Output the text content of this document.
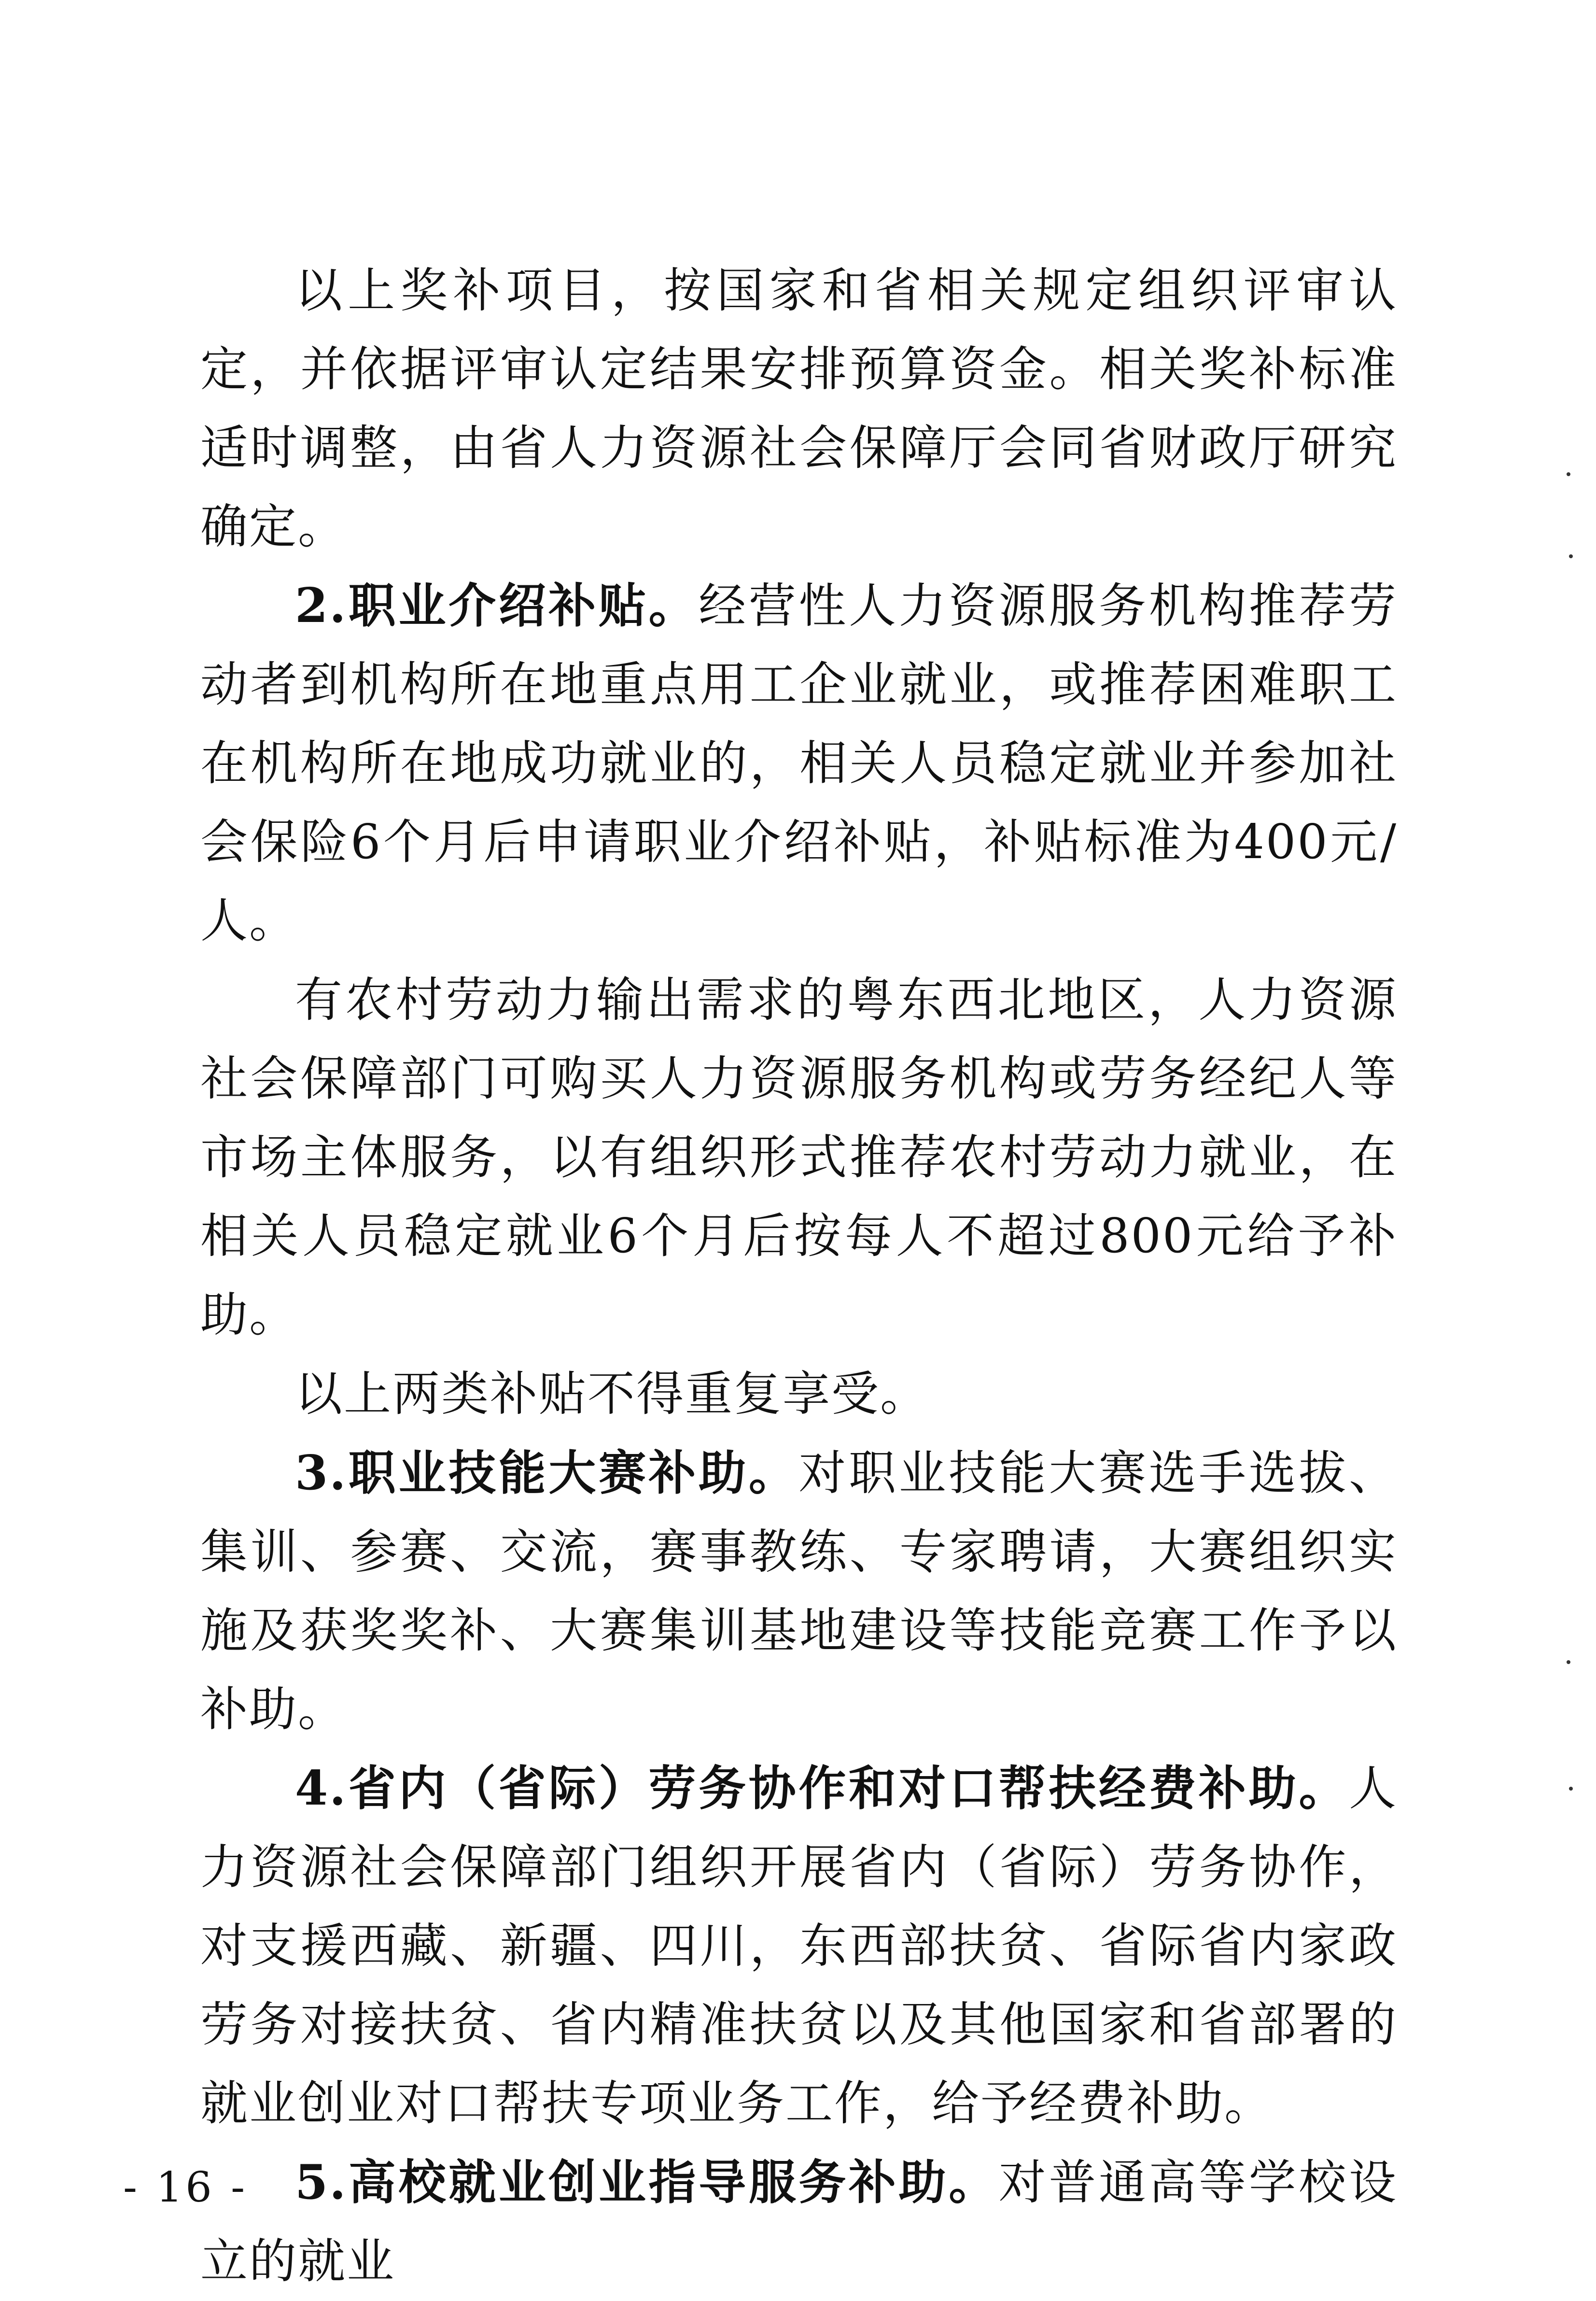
以上奖补项目，按国家和省相关规定组织评审认定，并依据评审认定结果安排预算资金。相关奖补标准适时调整，由省人力资源社会保障厅会同省财政厅研究确定。

2.职业介绍补贴。经营性人力资源服务机构推荐劳动者到机构所在地重点用工企业就业，或推荐困难职工在机构所在地成功就业的，相关人员稳定就业并参加社会保险6个月后申请职业介绍补贴，补贴标准为400元/人。

有农村劳动力输出需求的粤东西北地区，人力资源社会保障部门可购买人力资源服务机构或劳务经纪人等市场主体服务，以有组织形式推荐农村劳动力就业，在相关人员稳定就业6个月后按每人不超过800元给予补助。

以上两类补贴不得重复享受。

3.职业技能大赛补助。对职业技能大赛选手选拔、集训、参赛、交流，赛事教练、专家聘请，大赛组织实施及获奖奖补、大赛集训基地建设等技能竞赛工作予以补助。

4.省内（省际）劳务协作和对口帮扶经费补助。人力资源社会保障部门组织开展省内（省际）劳务协作，对支援西藏、新疆、四川，东西部扶贫、省际省内家政劳务对接扶贫、省内精准扶贫以及其他国家和省部署的就业创业对口帮扶专项业务工作，给予经费补助。

5.高校就业创业指导服务补助。对普通高等学校设立的就业

- 16 -
